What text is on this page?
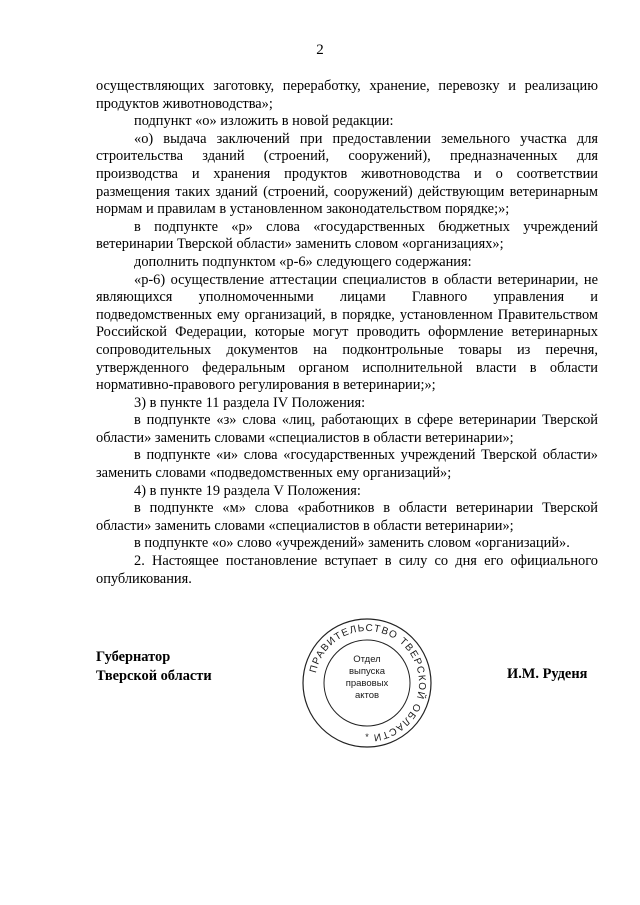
2

осуществляющих заготовку, переработку, хранение, перевозку и реализацию продуктов животноводства»;

подпункт «о» изложить в новой редакции:

«о) выдача заключений при предоставлении земельного участка для строительства зданий (строений, сооружений), предназначенных для производства и хранения продуктов животноводства и о соответствии размещения таких зданий (строений, сооружений) действующим ветеринарным нормам и правилам в установленном законодательством порядке;»;

в подпункте «р» слова «государственных бюджетных учреждений ветеринарии Тверской области» заменить словом «организациях»;

дополнить подпунктом «р-6» следующего содержания:

«р-6) осуществление аттестации специалистов в области ветеринарии, не являющихся уполномоченными лицами Главного управления и подведомственных ему организаций, в порядке, установленном Правительством Российской Федерации, которые могут проводить оформление ветеринарных сопроводительных документов на подконтрольные товары из перечня, утвержденного федеральным органом исполнительной власти в области нормативно-правового регулирования в ветеринарии;»;

3) в пункте 11 раздела IV Положения:

в подпункте «з» слова «лиц, работающих в сфере ветеринарии Тверской области» заменить словами «специалистов в области ветеринарии»;

в подпункте «и» слова «государственных учреждений Тверской области» заменить словами «подведомственных ему организаций»;

4) в пункте 19 раздела V Положения:

в подпункте «м» слова «работников в области ветеринарии Тверской области» заменить словами «специалистов в области ветеринарии»;

в подпункте «о» слово «учреждений» заменить словом «организаций».

2. Настоящее постановление вступает в силу со дня его официального опубликования.

Губернатор
Тверской области	ПРАВИТЕЛЬСТВО ТВЕРСКОЙ ОБЛАСТИ
*
Отдел
выпуска
правовых
актов
И.М. Руденя
